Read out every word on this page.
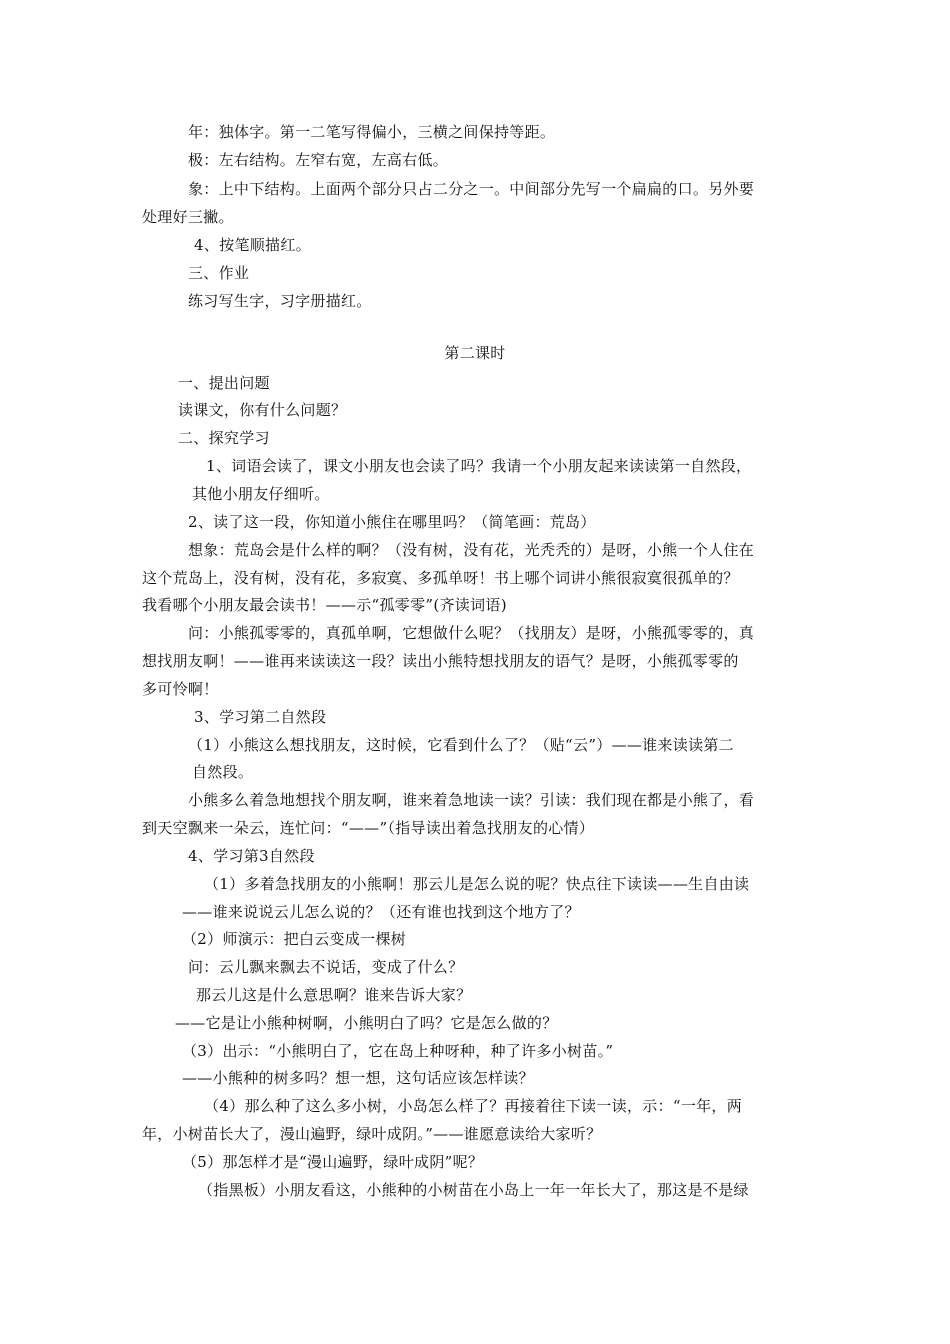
年：独体字。第一二笔写得偏小，三横之间保持等距。

极：左右结构。左窄右宽，左高右低。

象：上中下结构。上面两个部分只占二分之一。中间部分先写一个扁扁的口。另外要

处理好三撇。

4、按笔顺描红。

三、作业

练习写生字，习字册描红。

第二课时

一、提出问题

读课文，你有什么问题？

二、探究学习

1、词语会读了，课文小朋友也会读了吗？我请一个小朋友起来读读第一自然段，

其他小朋友仔细听。

2、读了这一段，你知道小熊住在哪里吗？（简笔画：荒岛）

想象：荒岛会是什么样的啊？（没有树，没有花，光秃秃的）是呀，小熊一个人住在

这个荒岛上，没有树，没有花，多寂寞、多孤单呀！书上哪个词讲小熊很寂寞很孤单的？

我看哪个小朋友最会读书！——示“孤零零”(齐读词语)

问：小熊孤零零的，真孤单啊，它想做什么呢？（找朋友）是呀，小熊孤零零的，真

想找朋友啊！——谁再来读读这一段？读出小熊特想找朋友的语气？是呀，小熊孤零零的

多可怜啊！

3、学习第二自然段

（1）小熊这么想找朋友，这时候，它看到什么了？（贴“云”）——谁来读读第二

自然段。

小熊多么着急地想找个朋友啊，谁来着急地读一读？引读：我们现在都是小熊了，看

到天空飘来一朵云，连忙问：“——”（指导读出着急找朋友的心情）

4、学习第3自然段

（1）多着急找朋友的小熊啊！那云儿是怎么说的呢？快点往下读读——生自由读

——谁来说说云儿怎么说的？（还有谁也找到这个地方了？

（2）师演示：把白云变成一棵树

问：云儿飘来飘去不说话，变成了什么？

那云儿这是什么意思啊？谁来告诉大家？

——它是让小熊种树啊，小熊明白了吗？它是怎么做的？

（3）出示：“小熊明白了，它在岛上种呀种，种了许多小树苗。”

——小熊种的树多吗？想一想，这句话应该怎样读？

（4）那么种了这么多小树，小岛怎么样了？再接着往下读一读，示：“一年，两

年，小树苗长大了，漫山遍野，绿叶成阴。”——谁愿意读给大家听？

（5）那怎样才是“漫山遍野，绿叶成阴”呢？

（指黑板）小朋友看这，小熊种的小树苗在小岛上一年一年长大了，那这是不是绿
